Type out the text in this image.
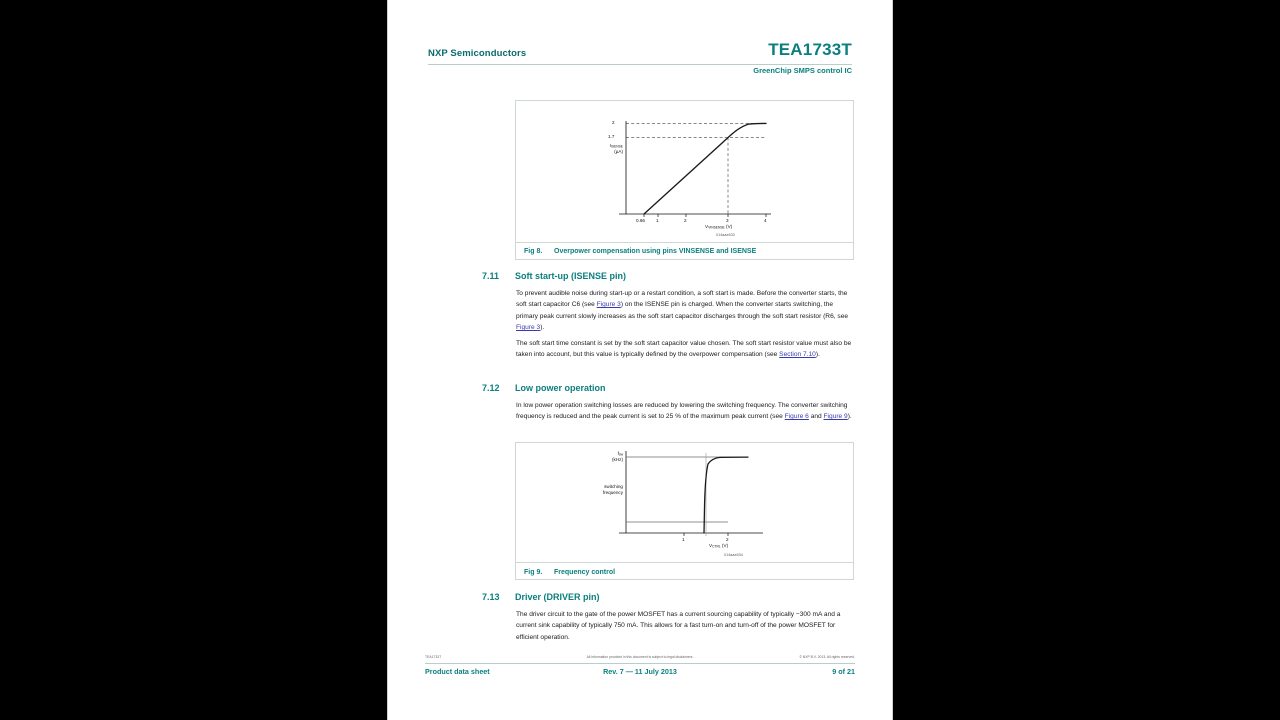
NXP Semiconductors	TEA1733T
GreenChip SMPS control IC
IISENSE
(µA)
2
1.7
0.66 1	2	3	4
VVINSENSE (V)
014aaa933
Fig 8. Overpower compensation using pins VINSENSE and ISENSE
7.11 Soft start-up (ISENSE pin)
To prevent audible noise during start-up or a restart condition, a soft start is made. Before the converter starts, the soft start capacitor C6 (see Figure 3) on the ISENSE pin is charged. When the converter starts switching, the primary peak current slowly increases as the soft start capacitor discharges through the soft start resistor (R6, see Figure 3).
The soft start time constant is set by the soft start capacitor value chosen. The soft start resistor value must also be taken into account, but this value is typically defined by the overpower compensation (see Section 7.10).
7.12 Low power operation
In low power operation switching losses are reduced by lowering the switching frequency. The converter switching frequency is reduced and the peak current is set to 25 % of the maximum peak current (see Figure 6 and Figure 9).
fsw
(kHz)
switching
frequency
1	2
VCTRL (V)
014aaa934
Fig 9. Frequency control
7.13 Driver (DRIVER pin)
The driver circuit to the gate of the power MOSFET has a current sourcing capability of typically −300 mA and a current sink capability of typically 750 mA. This allows for a fast turn-on and turn-off of the power MOSFET for efficient operation.
TEA1733T	All information provided in this document is subject to legal disclaimers.	© NXP B.V. 2013. All rights reserved.
Product data sheet	Rev. 7 — 11 July 2013	9 of 21
